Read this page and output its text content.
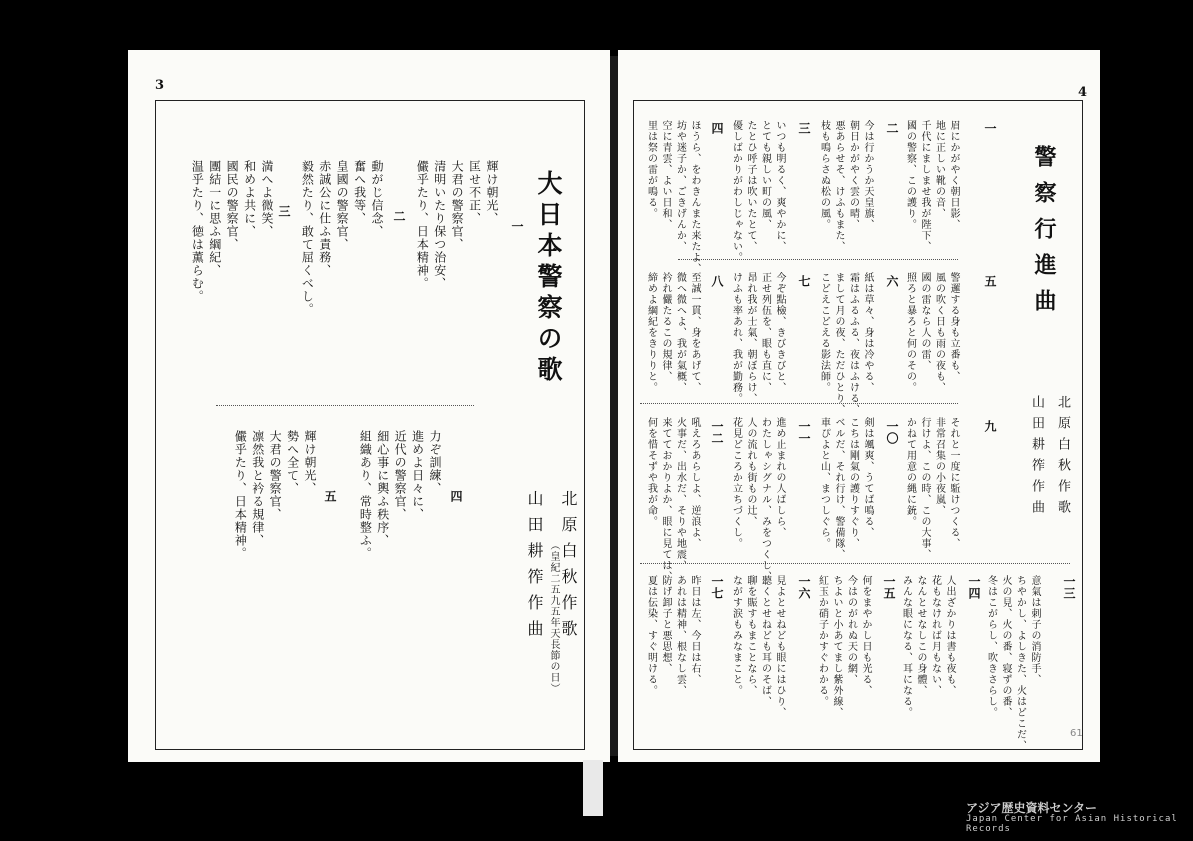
3
大日本警察の歌
北原白秋作歌
山田耕筰作曲 （皇紀二五九五年天長節の日）
一
輝け朝光、
匡せ不正、
大君の警察官、
清明いたり保つ治安、
儼乎たり、日本精神。
二
動がじ信念、
奮へ我等、
皇國の警察官、
赤誠公に仕ふ責務、
毅然たり、敢て屈くべし。
三
満へよ微笑、
和めよ共に、
國民の警察官、
團結一に思ふ綱紀、
温乎たり、徳は薫らむ。
四
力ぞ訓練、
進めよ日々に、
近代の警察官、
細心事に輿ふ秩序、
組織あり、常時整ふ。
五
輝け朝光、
勢へ全て、
大君の警察官、
凛然我と衿る規律、
儼乎たり、日本精神。
4
警察行進曲
北原白秋作歌
山田耕筰作曲
一
眉にかがやく朝日影、
地に正しい靴の音、
千代にましませ我が陛下、
國の警察、この護り。
二
今は行かうか天皇旗、
朝日かがやく雲の晴、
悪あらせそ、けふもまた、
枝も鳴らさぬ松の風。
三
いつも明るく、爽やかに、
とても親しい町の風、
たとひ呼子は吹いたとて、
優しばかりがわしじゃない。
四
ほうら、をわきんまた来たよ、
坊や迷子か、ごきげんか、
空に青雲、よい日和、
里は祭の雷が鳴る。
五
警邏する身も立番も、
風の吹く日も雨の夜も、
國の雷なら人の雷、
照ろと暴ろと何のその。
六
紙は草々、身は冷やる、
霜はふるふる、夜はふける、
まして月の夜、ただひとり、
こどえこどえる影法師。
七
今ぞ點檢、きびきびと、
正せ列伍を、眼も直に、
昂れ我が士氣、朝ぼらけ、
けふも率あれ、我が勤務。
八
至誠一貫、身をあげて、
微へ微へよ、我が氣概、
衿れ儼たるこの規律、
締めよ綱紀をきりりと。
九
それと一度に駈けつくる、
非常召集の小夜嵐、
行けよ、この時、この大事、
かねて用意の縄に銃。
一〇
剣は颯爽、うてば鳴る、
こちは剛氣の護りすぐり、
ベルだ、それ行け、警備隊、
車ぴよと山、まつしぐら。
一一
進め止まれの人ばしら、
わたしゃシグナル、みをつくし、
人の流れも街もの辻、
花見どころか立ちづくし。
一二
吼えろあらしよ、逆浪よ、
火事だ、出水だ、そりや地震、
来てておかりよか、眼に見ては、
何を惜そずや我が命。
一三
意氣は刺子の消防手、
ちやかし、よしきた、火はどこだ、
火の見、火の番、寝ずの番、
冬はこがらし、吹きさらし。
一四
人出ざかりは書も夜も、
花もなければ月もない、
なんとせなしこの身體、
みんな眼になる、耳になる。
一五
何をまやかし日も光る、
今はのがれぬ天の網、
ちよいと小あてまし紫外線、
紅玉か硝子かすぐわかる。
一六
見よとせねども眼にはひり、
聽くとせねども耳のそば、
聊を賑すもまことなら、
ながす涙もみなまこと。
一七
昨日は左、今日は右、
あれは精神、根なし雲、
防げ卸子と悪思想、
夏は伝染、すぐ明ける。
61
アジア歴史資料センター
Japan Center for Asian Historical Records
